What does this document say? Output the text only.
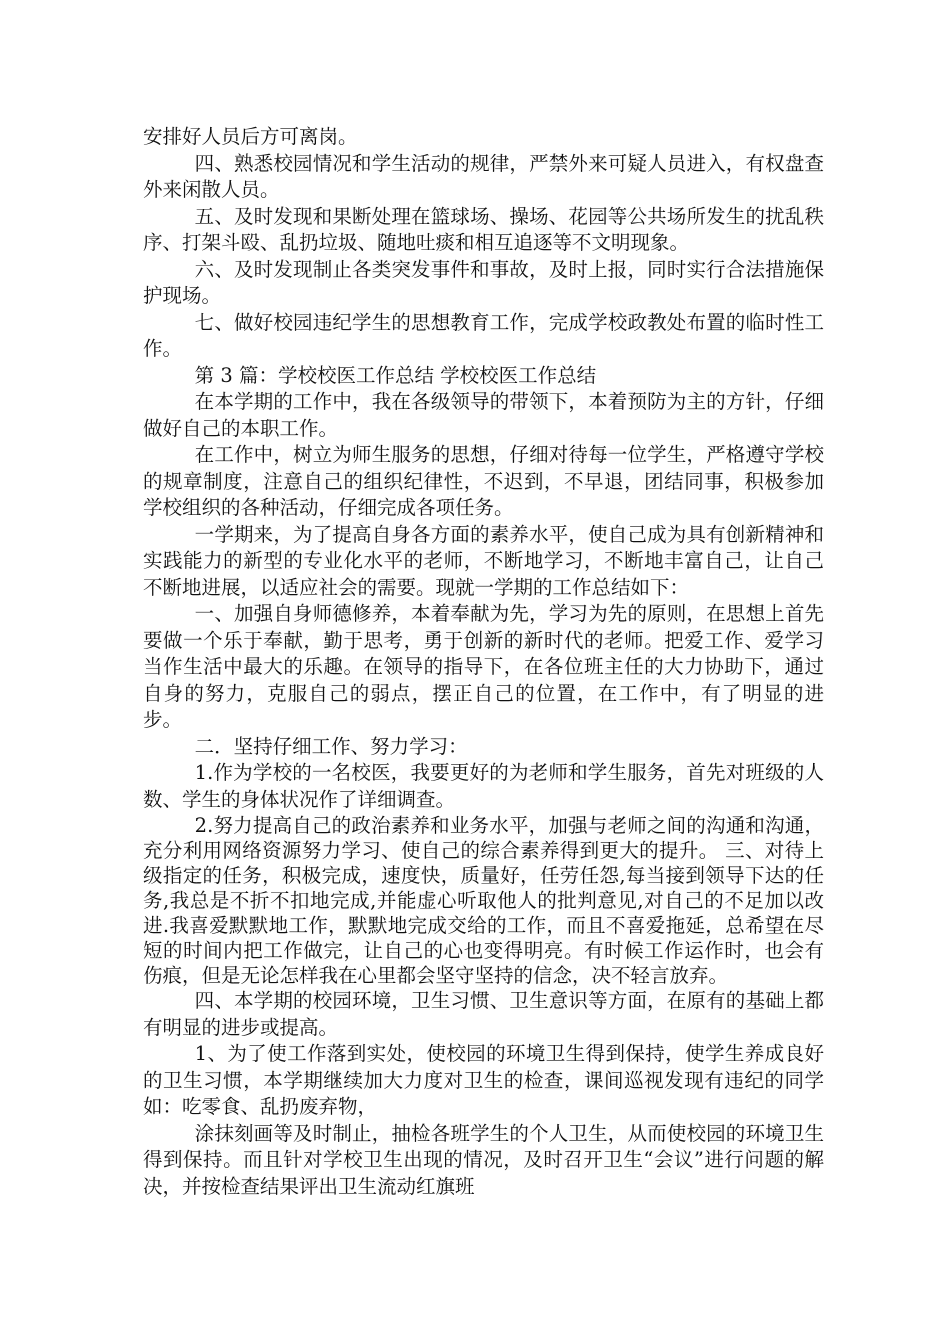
安排好人员后方可离岗。

四、熟悉校园情况和学生活动的规律，严禁外来可疑人员进入，有权盘查外来闲散人员。

五、及时发现和果断处理在篮球场、操场、花园等公共场所发生的扰乱秩序、打架斗殴、乱扔垃圾、随地吐痰和相互追逐等不文明现象。

六、及时发现制止各类突发事件和事故，及时上报，同时实行合法措施保护现场。

七、做好校园违纪学生的思想教育工作，完成学校政教处布置的临时性工作。

第 3 篇：学校校医工作总结 学校校医工作总结

在本学期的工作中，我在各级领导的带领下，本着预防为主的方针，仔细做好自己的本职工作。

在工作中，树立为师生服务的思想，仔细对待每一位学生，严格遵守学校的规章制度，注意自己的组织纪律性，不迟到，不早退，团结同事，积极参加学校组织的各种活动，仔细完成各项任务。

一学期来，为了提高自身各方面的素养水平，使自己成为具有创新精神和实践能力的新型的专业化水平的老师，不断地学习，不断地丰富自己，让自己不断地进展，以适应社会的需要。现就一学期的工作总结如下：

一、加强自身师德修养，本着奉献为先，学习为先的原则，在思想上首先要做一个乐于奉献，勤于思考，勇于创新的新时代的老师。把爱工作、爱学习当作生活中最大的乐趣。在领导的指导下，在各位班主任的大力协助下，通过自身的努力，克服自己的弱点，摆正自己的位置，在工作中，有了明显的进步。

二．坚持仔细工作、努力学习：

1.作为学校的一名校医，我要更好的为老师和学生服务，首先对班级的人数、学生的身体状况作了详细调查。

2.努力提高自己的政治素养和业务水平，加强与老师之间的沟通和沟通，充分利用网络资源努力学习、使自己的综合素养得到更大的提升。 三、对待上级指定的任务，积极完成，速度快，质量好，任劳任怨,每当接到领导下达的任务,我总是不折不扣地完成,并能虚心听取他人的批判意见,对自己的不足加以改进.我喜爱默默地工作，默默地完成交给的工作，而且不喜爱拖延，总希望在尽短的时间内把工作做完，让自己的心也变得明亮。有时候工作运作时，也会有伤痕，但是无论怎样我在心里都会坚守坚持的信念，决不轻言放弃。

四、本学期的校园环境，卫生习惯、卫生意识等方面，在原有的基础上都有明显的进步或提高。

1、为了使工作落到实处，使校园的环境卫生得到保持，使学生养成良好的卫生习惯，本学期继续加大力度对卫生的检查，课间巡视发现有违纪的同学如：吃零食、乱扔废弃物，

涂抹刻画等及时制止，抽检各班学生的个人卫生，从而使校园的环境卫生得到保持。而且针对学校卫生出现的情况，及时召开卫生“会议”进行问题的解决，并按检查结果评出卫生流动红旗班
